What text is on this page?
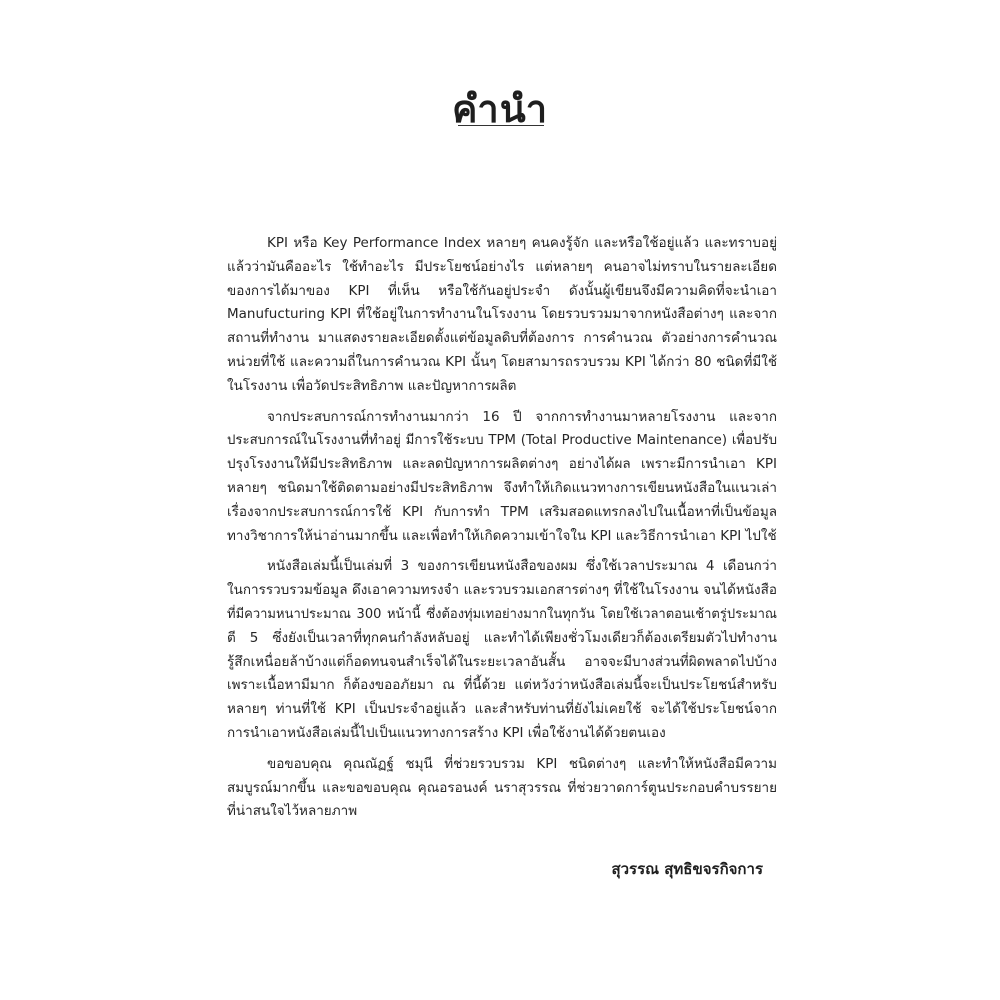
คำนำ
KPI หรือ Key Performance Index หลายๆ คนคงรู้จัก และหรือใช้อยู่แล้ว และทราบอยู่
แล้วว่ามันคืออะไร ใช้ทำอะไร มีประโยชน์อย่างไร แต่หลายๆ คนอาจไม่ทราบในรายละเอียด
ของการได้มาของ KPI ที่เห็น หรือใช้กันอยู่ประจำ ดังนั้นผู้เขียนจึงมีความคิดที่จะนำเอา
Manufucturing KPI ที่ใช้อยู่ในการทำงานในโรงงาน โดยรวบรวมมาจากหนังสือต่างๆ และจาก
สถานที่ทำงาน มาแสดงรายละเอียดตั้งแต่ข้อมูลดิบที่ต้องการ การคำนวณ ตัวอย่างการคำนวณ
หน่วยที่ใช้ และความถี่ในการคำนวณ KPI นั้นๆ โดยสามารถรวบรวม KPI ได้กว่า 80 ชนิดที่มีใช้
ในโรงงาน เพื่อวัดประสิทธิภาพ และปัญหาการผลิต
จากประสบการณ์การทำงานมากว่า 16 ปี จากการทำงานมาหลายโรงงาน และจาก
ประสบการณ์ในโรงงานที่ทำอยู่ มีการใช้ระบบ TPM (Total Productive Maintenance) เพื่อปรับ
ปรุงโรงงานให้มีประสิทธิภาพ และลดปัญหาการผลิตต่างๆ อย่างได้ผล เพราะมีการนำเอา KPI
หลายๆ ชนิดมาใช้ติดตามอย่างมีประสิทธิภาพ จึงทำให้เกิดแนวทางการเขียนหนังสือในแนวเล่า
เรื่องจากประสบการณ์การใช้ KPI กับการทำ TPM เสริมสอดแทรกลงไปในเนื้อหาที่เป็นข้อมูล
ทางวิชาการให้น่าอ่านมากขึ้น และเพื่อทำให้เกิดความเข้าใจใน KPI และวิธีการนำเอา KPI ไปใช้
หนังสือเล่มนี้เป็นเล่มที่ 3 ของการเขียนหนังสือของผม ซึ่งใช้เวลาประมาณ 4 เดือนกว่า
ในการรวบรวมข้อมูล ดึงเอาความทรงจำ และรวบรวมเอกสารต่างๆ ที่ใช้ในโรงงาน จนได้หนังสือ
ที่มีความหนาประมาณ 300 หน้านี้ ซึ่งต้องทุ่มเทอย่างมากในทุกวัน โดยใช้เวลาตอนเช้าตรู่ประมาณ
ตี 5 ซึ่งยังเป็นเวลาที่ทุกคนกำลังหลับอยู่ และทำได้เพียงชั่วโมงเดียวก็ต้องเตรียมตัวไปทำงาน
รู้สึกเหนื่อยล้าบ้างแต่ก็อดทนจนสำเร็จได้ในระยะเวลาอันสั้น อาจจะมีบางส่วนที่ผิดพลาดไปบ้าง
เพราะเนื้อหามีมาก ก็ต้องขออภัยมา ณ ที่นี้ด้วย แต่หวังว่าหนังสือเล่มนี้จะเป็นประโยชน์สำหรับ
หลายๆ ท่านที่ใช้ KPI เป็นประจำอยู่แล้ว และสำหรับท่านที่ยังไม่เคยใช้ จะได้ใช้ประโยชน์จาก
การนำเอาหนังสือเล่มนี้ไปเป็นแนวทางการสร้าง KPI เพื่อใช้งานได้ด้วยตนเอง
ขอขอบคุณ คุณณัฏฐ์ ชมุนี ที่ช่วยรวบรวม KPI ชนิดต่างๆ และทำให้หนังสือมีความ
สมบูรณ์มากขึ้น และขอขอบคุณ คุณอรอนงค์ นราสุวรรณ ที่ช่วยวาดการ์ตูนประกอบคำบรรยาย
ที่น่าสนใจไว้หลายภาพ
สุวรรณ สุทธิขจรกิจการ
